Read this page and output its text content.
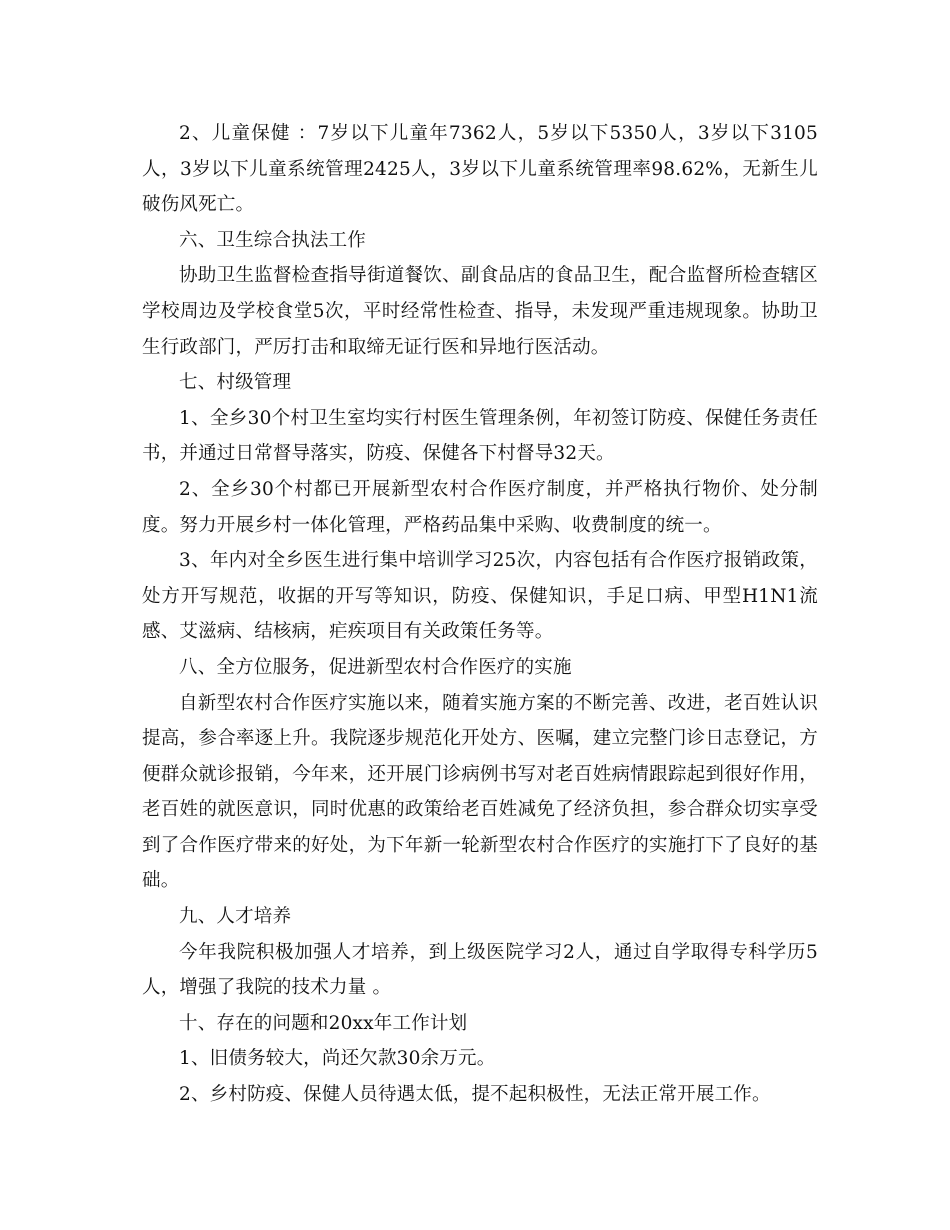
2、儿童保健 ：7岁以下儿童年7362人，5岁以下5350人，3岁以下3105人，3岁以下儿童系统管理2425人，3岁以下儿童系统管理率98.62%，无新生儿破伤风死亡。

六、卫生综合执法工作

协助卫生监督检查指导街道餐饮、副食品店的食品卫生，配合监督所检查辖区学校周边及学校食堂5次，平时经常性检查、指导，未发现严重违规现象。协助卫生行政部门，严厉打击和取缔无证行医和异地行医活动。

七、村级管理

1、全乡30个村卫生室均实行村医生管理条例，年初签订防疫、保健任务责任书，并通过日常督导落实，防疫、保健各下村督导32天。

2、全乡30个村都已开展新型农村合作医疗制度，并严格执行物价、处分制度。努力开展乡村一体化管理，严格药品集中采购、收费制度的统一。

3、年内对全乡医生进行集中培训学习25次，内容包括有合作医疗报销政策，处方开写规范，收据的开写等知识，防疫、保健知识，手足口病、甲型H1N1流感、艾滋病、结核病，疟疾项目有关政策任务等。

八、全方位服务，促进新型农村合作医疗的实施

自新型农村合作医疗实施以来，随着实施方案的不断完善、改进，老百姓认识提高，参合率逐上升。我院逐步规范化开处方、医嘱，建立完整门诊日志登记，方便群众就诊报销，今年来，还开展门诊病例书写对老百姓病情跟踪起到很好作用，老百姓的就医意识，同时优惠的政策给老百姓减免了经济负担，参合群众切实享受到了合作医疗带来的好处，为下年新一轮新型农村合作医疗的实施打下了良好的基础。

九、人才培养

今年我院积极加强人才培养，到上级医院学习2人，通过自学取得专科学历5人，增强了我院的技术力量 。

十、存在的问题和20xx年工作计划

1、旧债务较大，尚还欠款30余万元。

2、乡村防疫、保健人员待遇太低，提不起积极性，无法正常开展工作。
